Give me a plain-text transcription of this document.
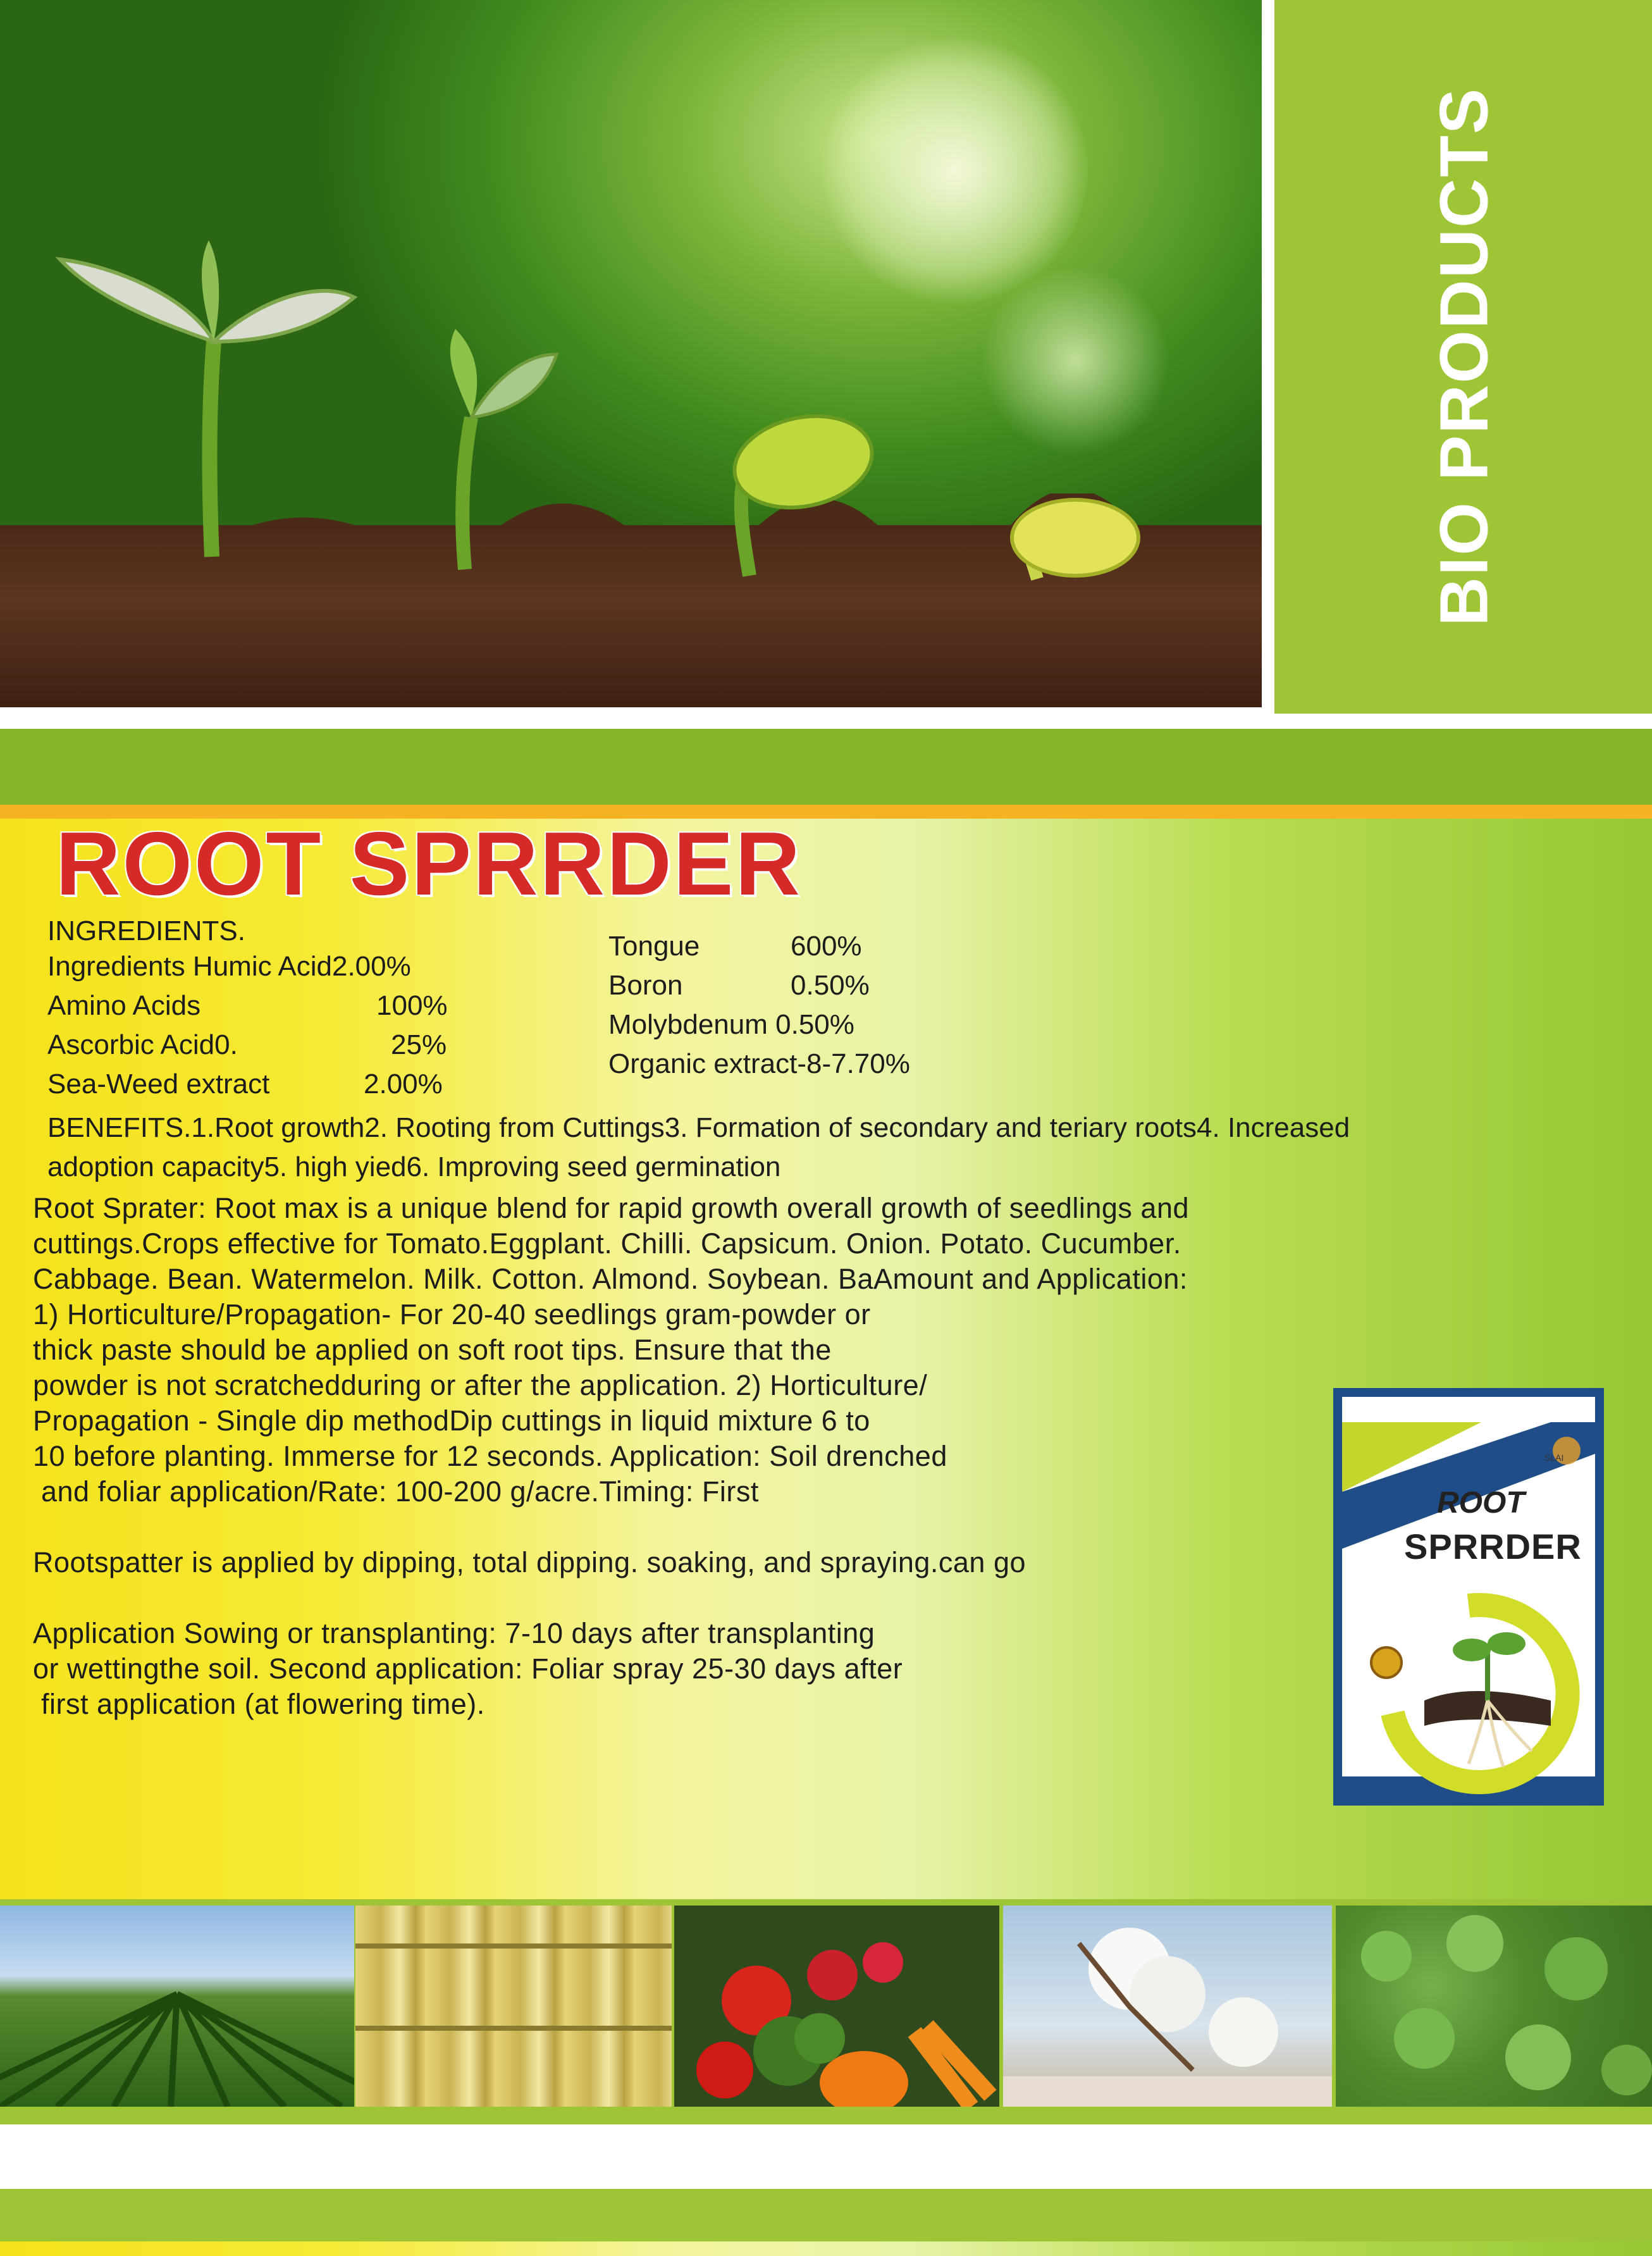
BIO PRODUCTS
ROOT SPRRDER
INGREDIENTS.
Ingredients Humic Acid2.00%
Amino Acids	100%
Ascorbic Acid0.	25%
Sea-Weed extract	2.00%
Tongue	600%
Boron	0.50%
Molybdenum 0.50%
Organic extract-8-7.70%
BENEFITS.1.Root growth2. Rooting from Cuttings3. Formation of secondary and teriary roots4. Increased
adoption capacity5. high yied6. Improving seed germination
Root Sprater: Root max is a unique blend for rapid growth overall growth of seedlings and
cuttings.Crops effective for Tomato.Eggplant. Chilli. Capsicum. Onion. Potato. Cucumber.
Cabbage. Bean. Watermelon. Milk. Cotton. Almond. Soybean. BaAmount and Application:
1) Horticulture/Propagation- For 20-40 seedlings gram-powder or
thick paste should be applied on soft root tips. Ensure that the
powder is not scratchedduring or after the application. 2) Horticulture/
Propagation - Single dip methodDip cuttings in liquid mixture 6 to
10 before planting. Immerse for 12 seconds. Application: Soil drenched
and foliar application/Rate: 100-200 g/acre.Timing: First
Rootspatter is applied by dipping, total dipping. soaking, and spraying.can go
Application Sowing or transplanting: 7-10 days after transplanting
or wettingthe soil. Second application: Foliar spray 25-30 days after
first application (at flowering time).
SLAI
ROOT
SPRRDER
